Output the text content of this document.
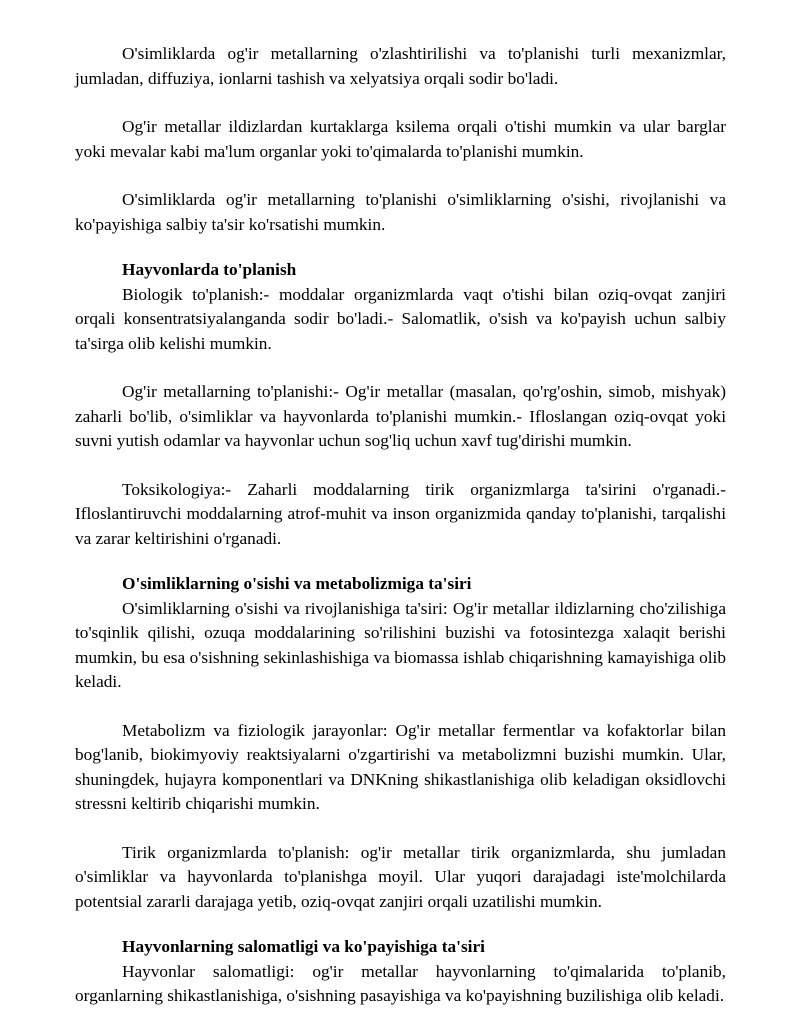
O'simliklarda og'ir metallarning o'zlashtirilishi va to'planishi turli mexanizmlar, jumladan, diffuziya, ionlarni tashish va xelyatsiya orqali sodir bo'ladi.

Og'ir metallar ildizlardan kurtaklarga ksilema orqali o'tishi mumkin va ular barglar yoki mevalar kabi ma'lum organlar yoki to'qimalarda to'planishi mumkin.

O'simliklarda og'ir metallarning to'planishi o'simliklarning o'sishi, rivojlanishi va ko'payishiga salbiy ta'sir ko'rsatishi mumkin.

Hayvonlarda to'planish

Biologik to'planish:- moddalar organizmlarda vaqt o'tishi bilan oziq-ovqat zanjiri orqali konsentratsiyalanganda sodir bo'ladi.- Salomatlik, o'sish va ko'payish uchun salbiy ta'sirga olib kelishi mumkin.

Og'ir metallarning to'planishi:- Og'ir metallar (masalan, qo'rg'oshin, simob, mishyak) zaharli bo'lib, o'simliklar va hayvonlarda to'planishi mumkin.- Ifloslangan oziq-ovqat yoki suvni yutish odamlar va hayvonlar uchun sog'liq uchun xavf tug'dirishi mumkin.

Toksikologiya:- Zaharli moddalarning tirik organizmlarga ta'sirini o'rganadi.- Ifloslantiruvchi moddalarning atrof-muhit va inson organizmida qanday to'planishi, tarqalishi va zarar keltirishini o'rganadi.

O'simliklarning o'sishi va metabolizmiga ta'siri

O'simliklarning o'sishi va rivojlanishiga ta'siri: Og'ir metallar ildizlarning cho'zilishiga to'sqinlik qilishi, ozuqa moddalarining so'rilishini buzishi va fotosintezga xalaqit berishi mumkin, bu esa o'sishning sekinlashishiga va biomassa ishlab chiqarishning kamayishiga olib keladi.

Metabolizm va fiziologik jarayonlar: Og'ir metallar fermentlar va kofaktorlar bilan bog'lanib, biokimyoviy reaktsiyalarni o'zgartirishi va metabolizmni buzishi mumkin. Ular, shuningdek, hujayra komponentlari va DNKning shikastlanishiga olib keladigan oksidlovchi stressni keltirib chiqarishi mumkin.

Tirik organizmlarda to'planish: og'ir metallar tirik organizmlarda, shu jumladan o'simliklar va hayvonlarda to'planishga moyil. Ular yuqori darajadagi iste'molchilarda potentsial zararli darajaga yetib, oziq-ovqat zanjiri orqali uzatilishi mumkin.

Hayvonlarning salomatligi va ko'payishiga ta'siri

Hayvonlar salomatligi: og'ir metallar hayvonlarning to'qimalarida to'planib, organlarning shikastlanishiga, o'sishning pasayishiga va ko'payishning buzilishiga olib keladi.
